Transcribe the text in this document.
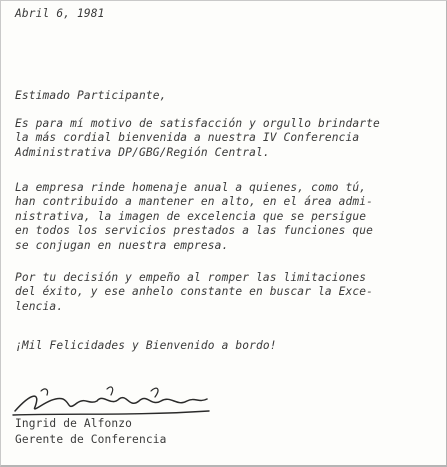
Abril 6, 1981
Estimado Participante,
Es para mí motivo de satisfacción y orgullo brindarte
la más cordial bienvenida a nuestra IV Conferencia
Administrativa DP/GBG/Región Central.
La empresa rinde homenaje anual a quienes, como tú,
han contribuido a mantener en alto, en el área admi-
nistrativa, la imagen de excelencia que se persigue
en todos los servicios prestados a las funciones que
se conjugan en nuestra empresa.
Por tu decisión y empeño al romper las limitaciones
del éxito, y ese anhelo constante en buscar la Exce-
lencia.
¡Mil Felicidades y Bienvenido a bordo!
Ingrid de Alfonzo
Gerente de Conferencia
